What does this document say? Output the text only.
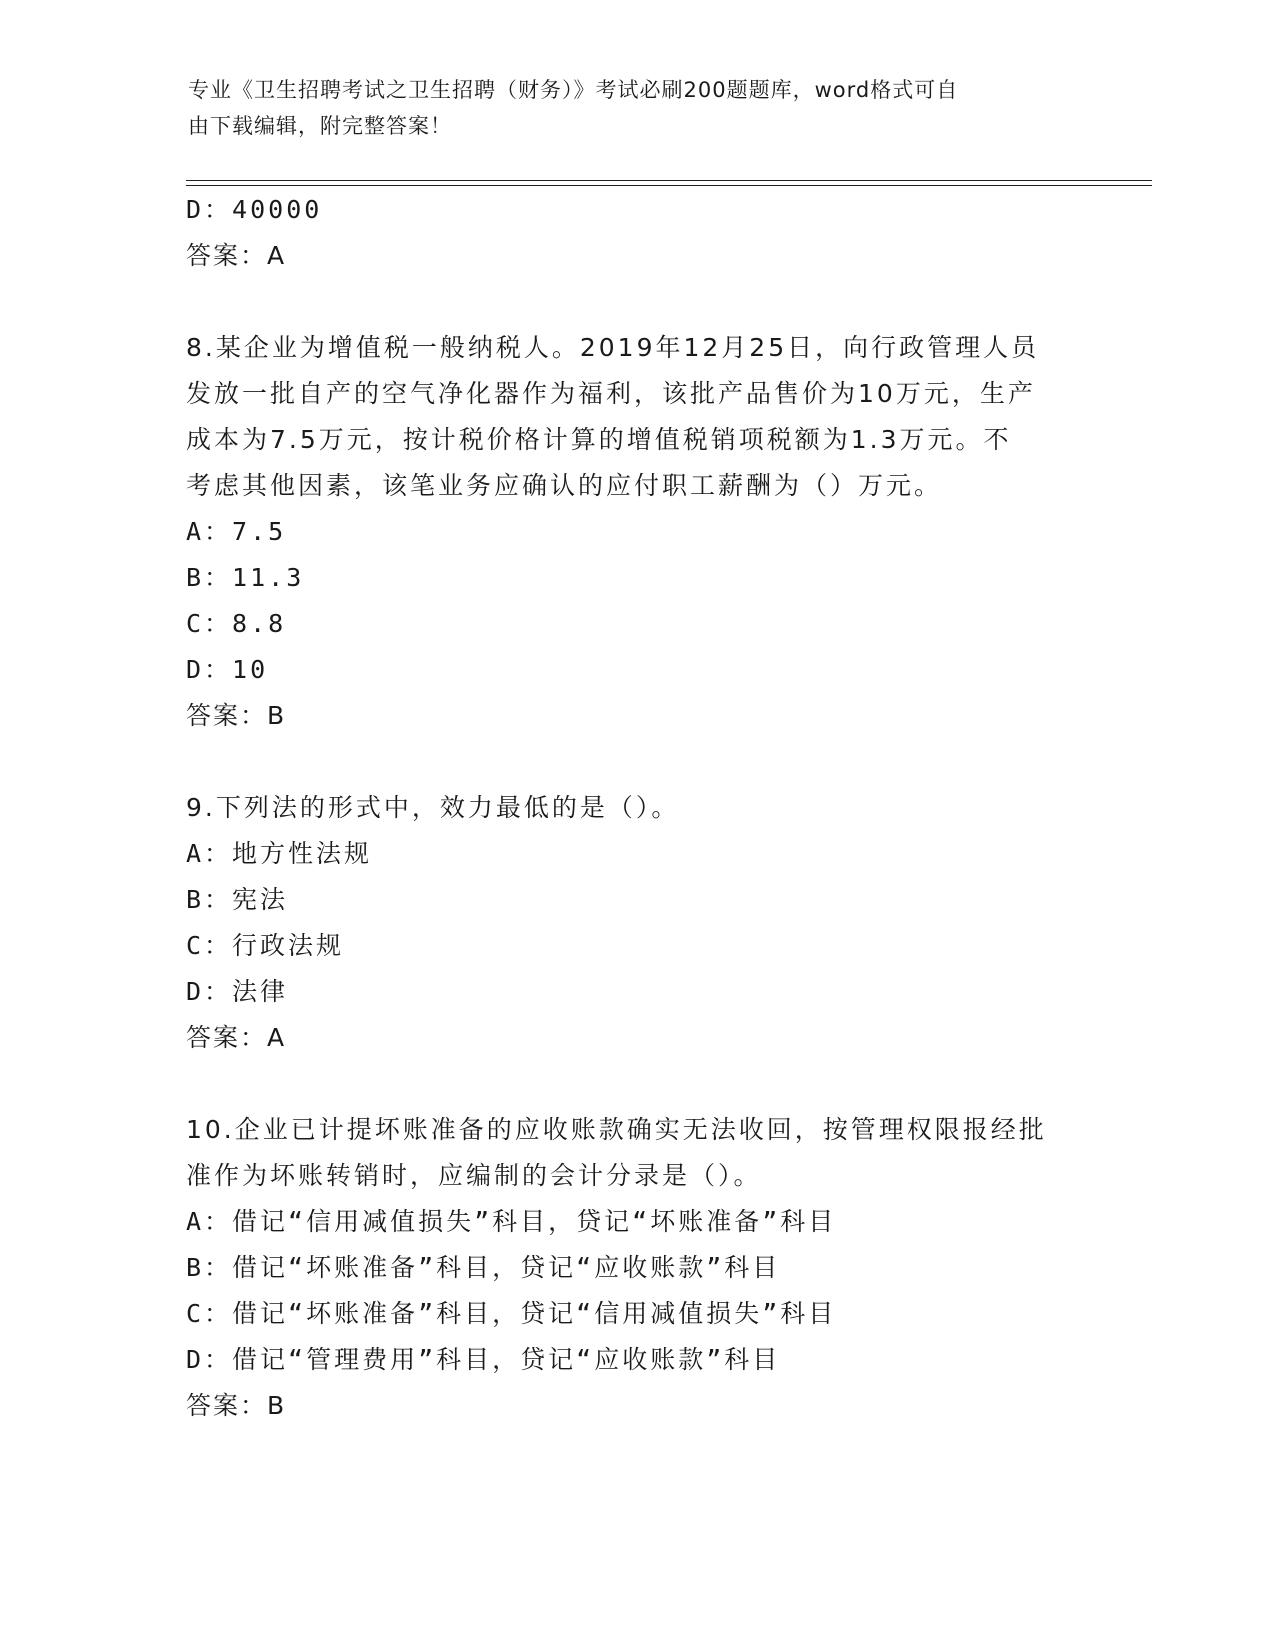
专业《卫生招聘考试之卫生招聘（财务）》考试必刷200题题库，word格式可自
由下载编辑，附完整答案！
D：40000
答案：A
8.某企业为增值税一般纳税人。2019年12月25日，向行政管理人员
发放一批自产的空气净化器作为福利，该批产品售价为10万元，生产
成本为7.5万元，按计税价格计算的增值税销项税额为1.3万元。不
考虑其他因素，该笔业务应确认的应付职工薪酬为（）万元。
A：7.5
B：11.3
C：8.8
D：10
答案：B
9.下列法的形式中，效力最低的是（）。
A：地方性法规
B：宪法
C：行政法规
D：法律
答案：A
10.企业已计提坏账准备的应收账款确实无法收回，按管理权限报经批
准作为坏账转销时，应编制的会计分录是（）。
A：借记“信用减值损失”科目，贷记“坏账准备”科目
B：借记“坏账准备”科目，贷记“应收账款”科目
C：借记“坏账准备”科目，贷记“信用减值损失”科目
D：借记“管理费用”科目，贷记“应收账款”科目
答案：B
